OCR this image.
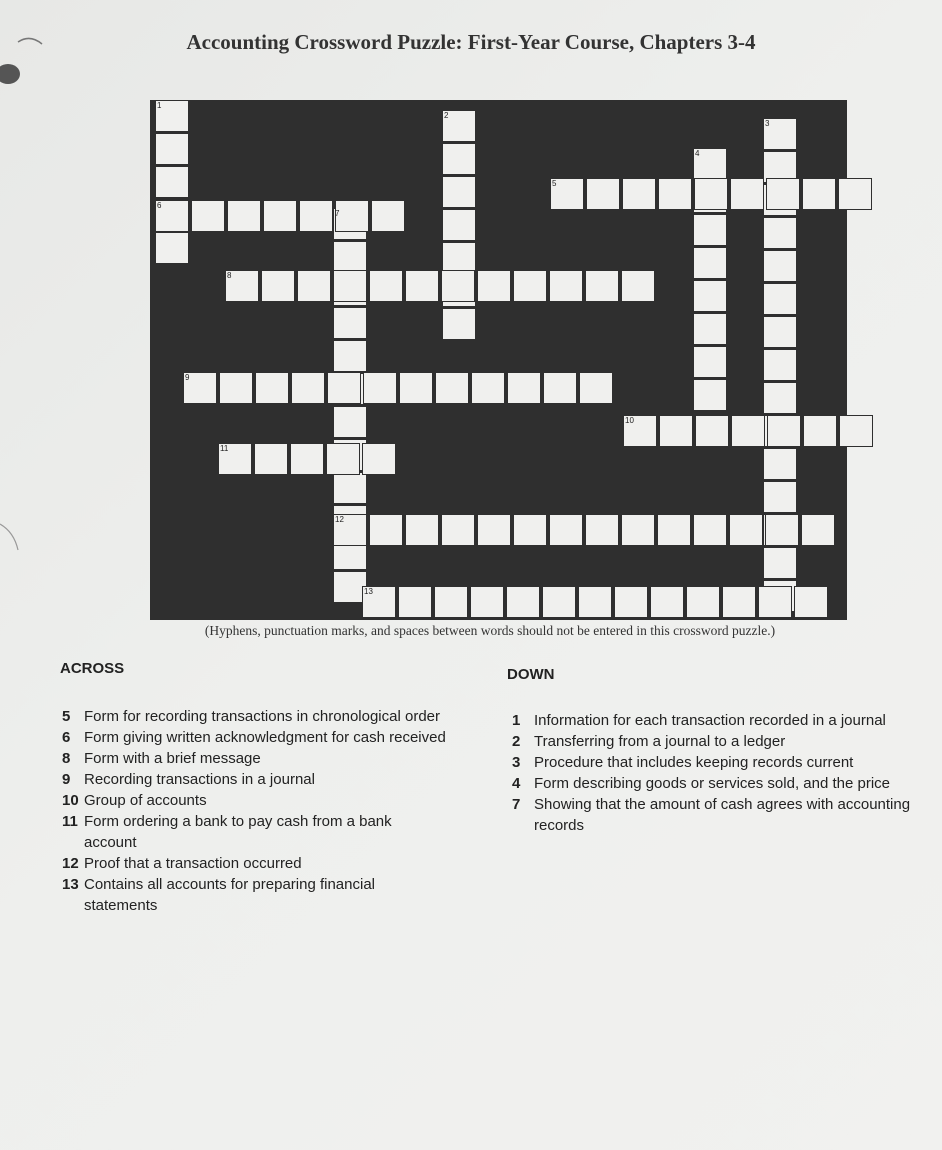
Accounting Crossword Puzzle: First-Year Course, Chapters 3-4
1
2
3
4
5
6
7
8
9
10
11
12
13
(Hyphens, punctuation marks, and spaces between words should not be entered in this crossword puzzle.)
ACROSS	DOWN
5 Form for recording transactions in chronological order
6 Form giving written acknowledgment for cash received
8 Form with a brief message
9 Recording transactions in a journal
10 Group of accounts
11 Form ordering a bank to pay cash from a bank account
12 Proof that a transaction occurred
13 Contains all accounts for preparing financial statements
1 Information for each transaction recorded in a journal
2 Transferring from a journal to a ledger
3 Procedure that includes keeping records current
4 Form describing goods or services sold, and the price
7 Showing that the amount of cash agrees with accounting records
